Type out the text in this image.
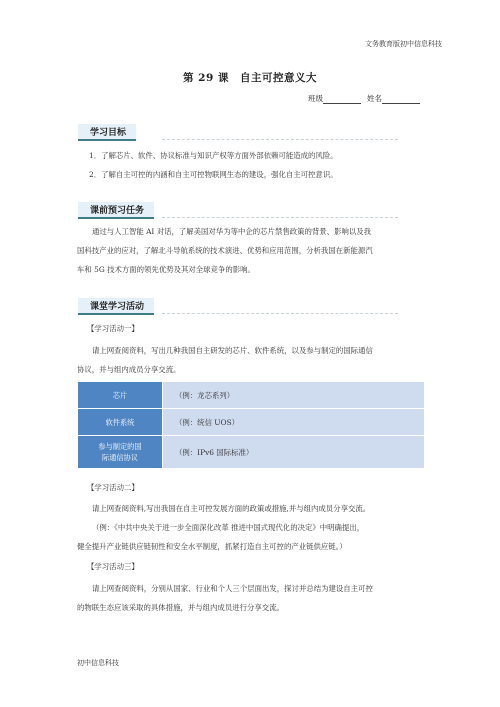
文务教育版初中信息科技
第 29 课　自主可控意义大
班级	姓名
学习目标
1．了解芯片、软件、协议标准与知识产权等方面外部依赖可能造成的风险。
2．了解自主可控的内涵和自主可控物联网生态的建设，强化自主可控意识。
课前预习任务
通过与人工智能 AI 对话，了解美国对华为等中企的芯片禁售政策的背景、影响以及我
国科技产业的应对，了解北斗导航系统的技术演进、优势和应用范围，分析我国在新能源汽
车和 5G 技术方面的领先优势及其对全球竞争的影响。
课堂学习活动
【学习活动一】
请上网查阅资料，写出几种我国自主研发的芯片、软件系统，以及参与制定的国际通信
协议，并与组内成员分享交流。
芯片	（例：龙芯系列）
软件系统	（例：统信 UOS）

参与制定的国
际通信协议	（例：IPv6 国际标准）
【学习活动二】
请上网查阅资料,写出我国在自主可控发展方面的政策或措施,并与组内成员分享交流。
（例：《中共中央关于进一步全面深化改革 推进中国式现代化的决定》中明确提出，
健全提升产业链供应链韧性和安全水平制度，抓紧打造自主可控的产业链供应链。）
【学习活动三】
请上网查阅资料，分别从国家、行业和个人三个层面出发，探讨并总结为建设自主可控
的物联生态应该采取的具体措施，并与组内成员进行分享交流。
初中信息科技
